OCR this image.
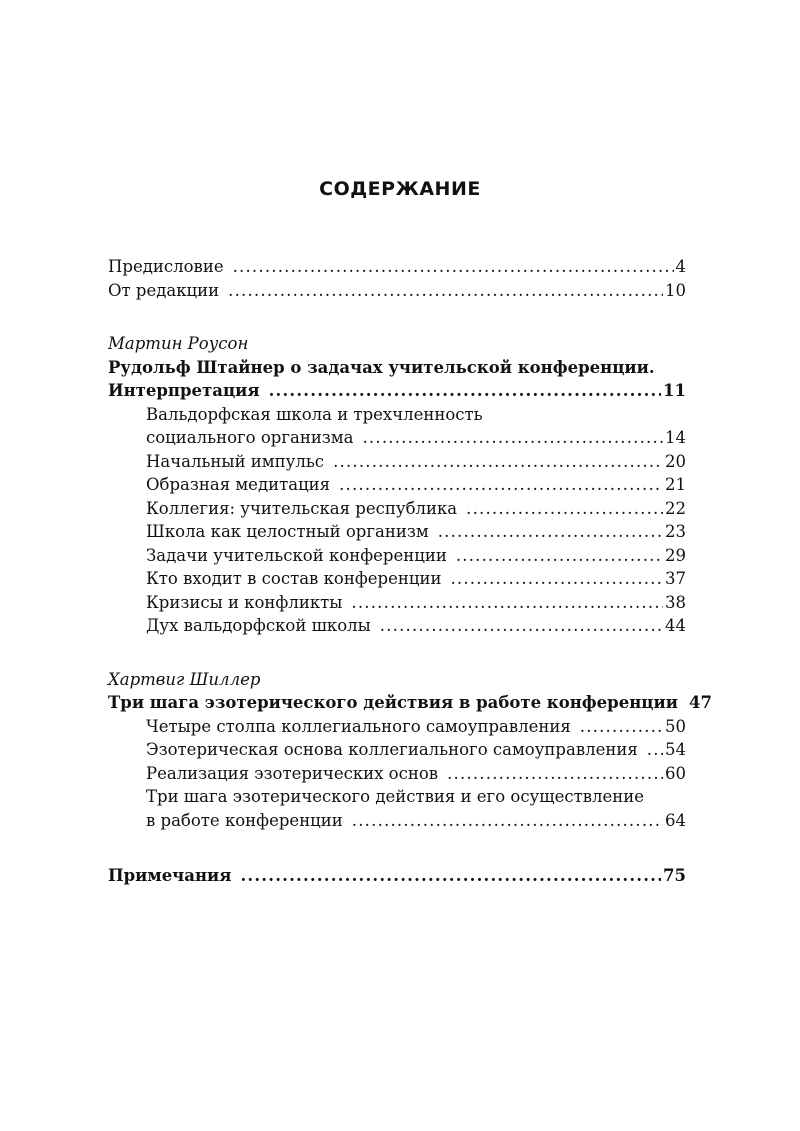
СОДЕРЖАНИЕ
Предисловие .....	4
От редакции .....	10
Мартин Роусон
Рудольф Штайнер о задачах учительской конференции.
Интерпретация .....	11
Вальдорфская школа и трехчленность
социального организма .....	14
Начальный импульс .....	20
Образная медитация .....	21
Коллегия: учительская республика .....	22
Школа как целостный организм .....	23
Задачи учительской конференции .....	29
Кто входит в состав конференции .....	37
Кризисы и конфликты .....	38
Дух вальдорфской школы .....	44
Хартвиг Шиллер
Три шага эзотерического действия в работе конференции 47
Четыре столпа коллегиального самоуправления .....	50
Эзотерическая основа коллегиального самоуправления ..... 54
Реализация эзотерических основ .....	60
Три шага эзотерического действия и его осуществление
в работе конференции .....	64
Примечания .....	75
